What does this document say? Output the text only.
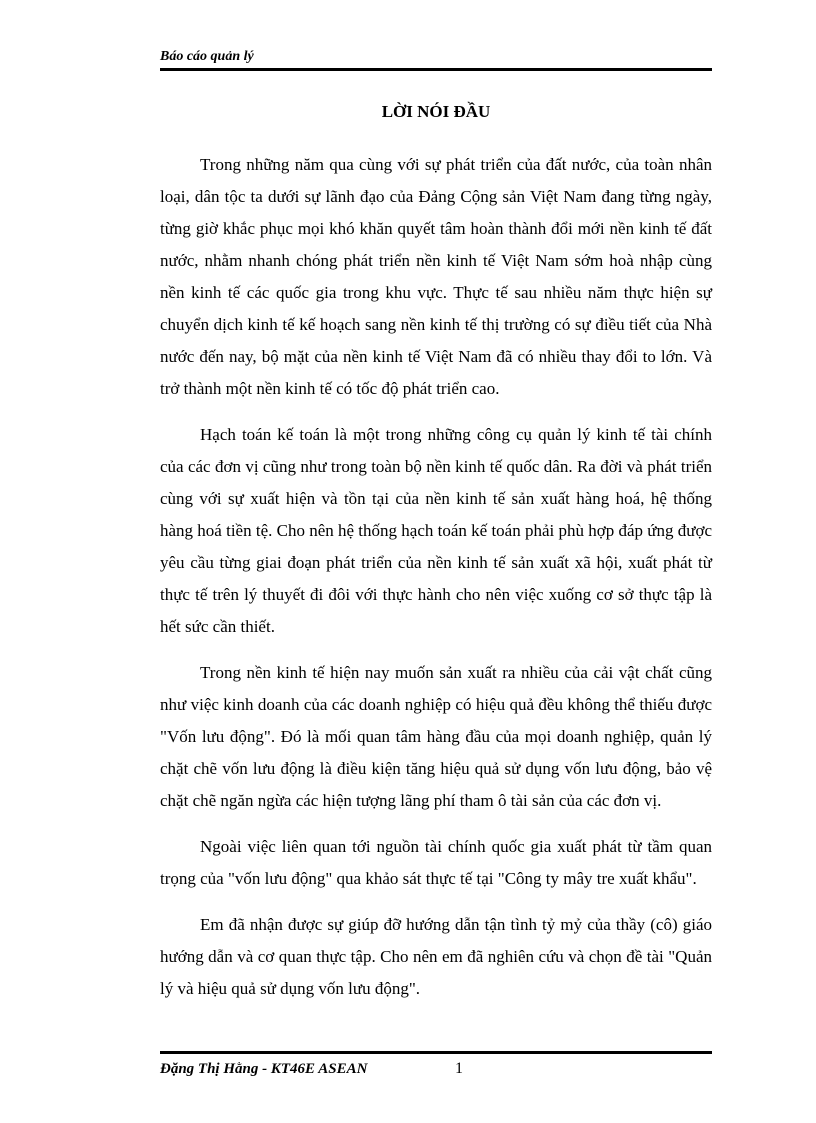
Báo cáo quản lý
LỜI NÓI ĐẦU

Trong những năm qua cùng với sự phát triển của đất nước, của toàn nhân loại, dân tộc ta dưới sự lãnh đạo của Đảng Cộng sản Việt Nam đang từng ngày, từng giờ khắc phục mọi khó khăn quyết tâm hoàn thành đổi mới nền kinh tế đất nước, nhằm nhanh chóng phát triển nền kinh tế Việt Nam sớm hoà nhập cùng nền kinh tế các quốc gia trong khu vực. Thực tế sau nhiều năm thực hiện sự chuyển dịch kinh tế kế hoạch sang nền kinh tế thị trường có sự điều tiết của Nhà nước đến nay, bộ mặt của nền kinh tế Việt Nam đã có nhiều thay đổi to lớn. Và trở thành một nền kinh tế có tốc độ phát triển cao.

Hạch toán kế toán là một trong những công cụ quản lý kinh tế tài chính của các đơn vị cũng như trong toàn bộ nền kinh tế quốc dân. Ra đời và phát triển cùng với sự xuất hiện và tồn tại của nền kinh tế sản xuất hàng hoá, hệ thống hàng hoá tiền tệ. Cho nên hệ thống hạch toán kế toán phải phù hợp đáp ứng được yêu cầu từng giai đoạn phát triển của nền kinh tế sản xuất xã hội, xuất phát từ thực tế trên lý thuyết đi đôi với thực hành cho nên việc xuống cơ sở thực tập là hết sức cần thiết.

Trong nền kinh tế hiện nay muốn sản xuất ra nhiều của cải vật chất cũng như việc kinh doanh của các doanh nghiệp có hiệu quả đều không thể thiếu được "Vốn lưu động". Đó là mối quan tâm hàng đầu của mọi doanh nghiệp, quản lý chặt chẽ vốn lưu động là điều kiện tăng hiệu quả sử dụng vốn lưu động, bảo vệ chặt chẽ ngăn ngừa các hiện tượng lãng phí tham ô tài sản của các đơn vị.

Ngoài việc liên quan tới nguồn tài chính quốc gia xuất phát từ tầm quan trọng của "vốn lưu động" qua khảo sát thực tế tại "Công ty mây tre xuất khẩu".

Em đã nhận được sự giúp đỡ hướng dẫn tận tình tỷ mỷ của thầy (cô) giáo hướng dẫn và cơ quan thực tập. Cho nên em đã nghiên cứu và chọn đề tài "Quản lý và hiệu quả sử dụng vốn lưu động".

Đặng Thị Hằng - KT46E ASEAN	1
